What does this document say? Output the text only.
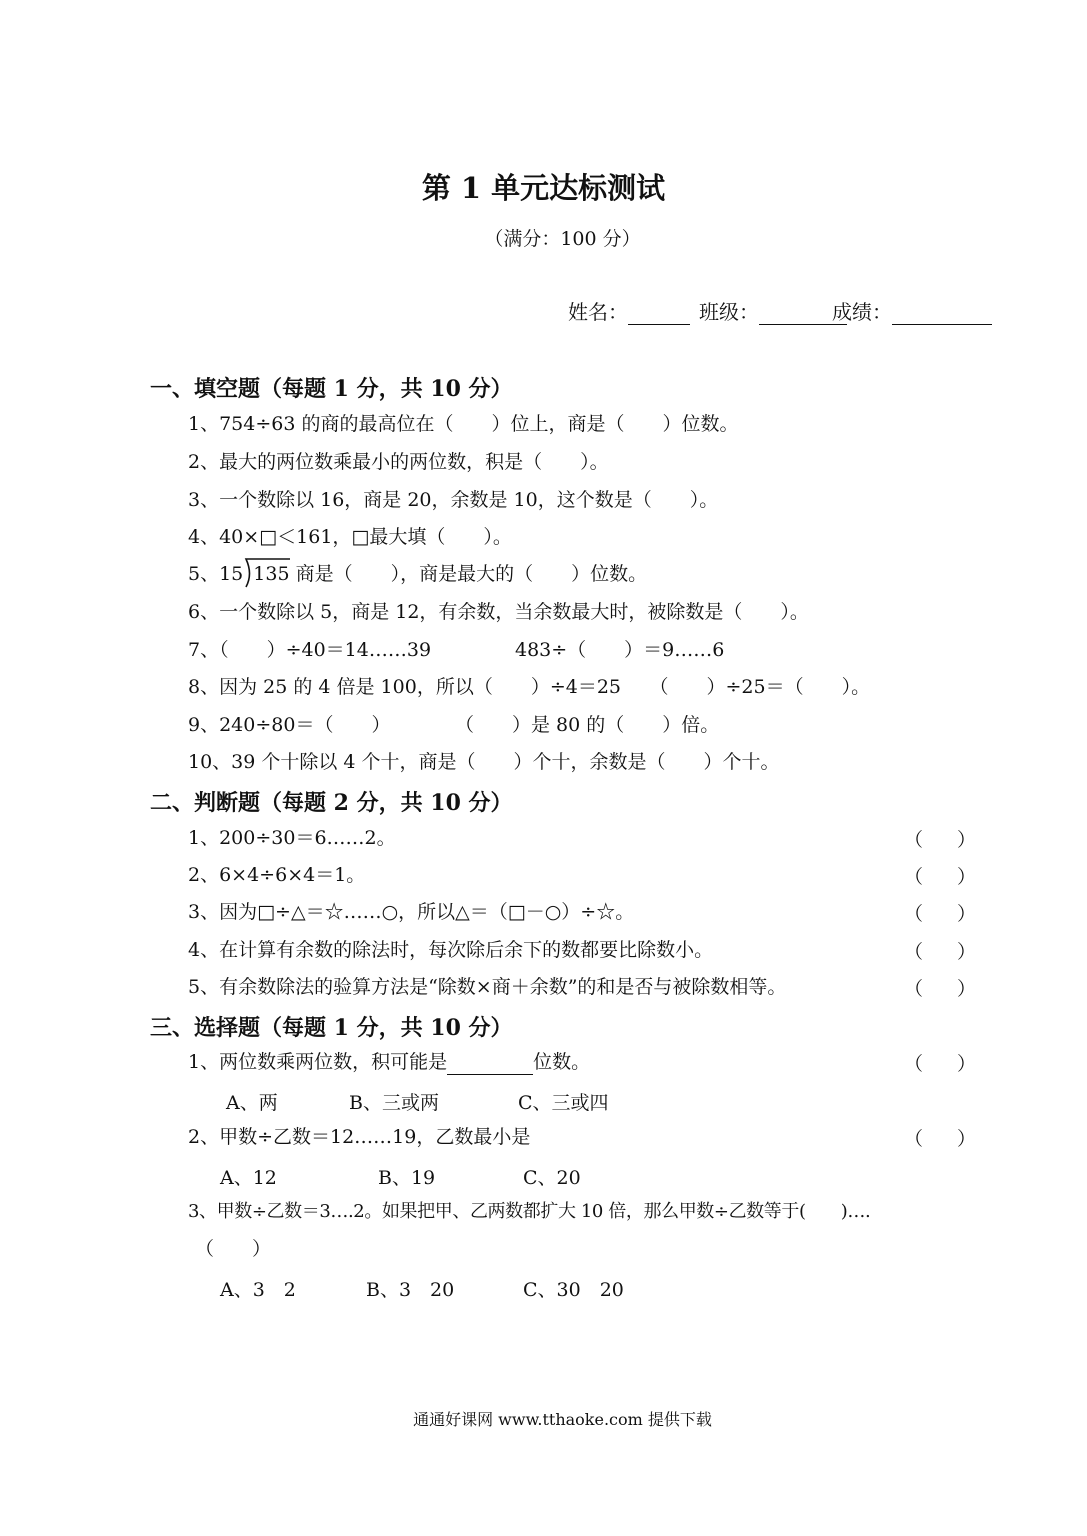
第 1 单元达标测试
（满分：100 分）
姓名：	班级：	成绩：
一、填空题（每题 1 分，共 10 分）
1、754÷63 的商的最高位在（　　）位上，商是（　　）位数。
2、最大的两位数乘最小的两位数，积是（　　）。
3、一个数除以 16，商是 20，余数是 10，这个数是（　　）。
4、40×□＜161，□最大填（　　）。
5、15 135 商是（　　），商是最大的（　　）位数。
6、一个数除以 5，商是 12，有余数，当余数最大时，被除数是（　　）。
7、（　　）÷40＝14……39	483÷（　　）＝9……6
8、因为 25 的 4 倍是 100，所以（　　）÷4＝25　　（　　）÷25＝（　　）。
9、240÷80＝（　　）	（　　）是 80 的（　　）倍。
10、39 个十除以 4 个十，商是（　　）个十，余数是（　　）个十。
二、判断题（每题 2 分，共 10 分）
1、200÷30＝6……2。	（ ）
2、6×4÷6×4＝1。	（ ）
3、因为□÷△＝☆……○，所以△＝（□－○）÷☆。	（ ）
4、在计算有余数的除法时，每次除后余下的数都要比除数小。	（ ）
5、有余数除法的验算方法是“除数×商＋余数”的和是否与被除数相等。	（ ）
三、选择题（每题 1 分，共 10 分）
1、两位数乘两位数，积可能是	位数。	（ ）
A、两	B、三或两	C、三或四
2、甲数÷乙数＝12……19，乙数最小是	（ ）
A、12	B、19	C、20
3、甲数÷乙数＝3….2。如果把甲、乙两数都扩大 10 倍，那么甲数÷乙数等于(　　)….
（　　）
A、3　2	B、3　20	C、30　20
通通好课网 www.tthaoke.com 提供下载
